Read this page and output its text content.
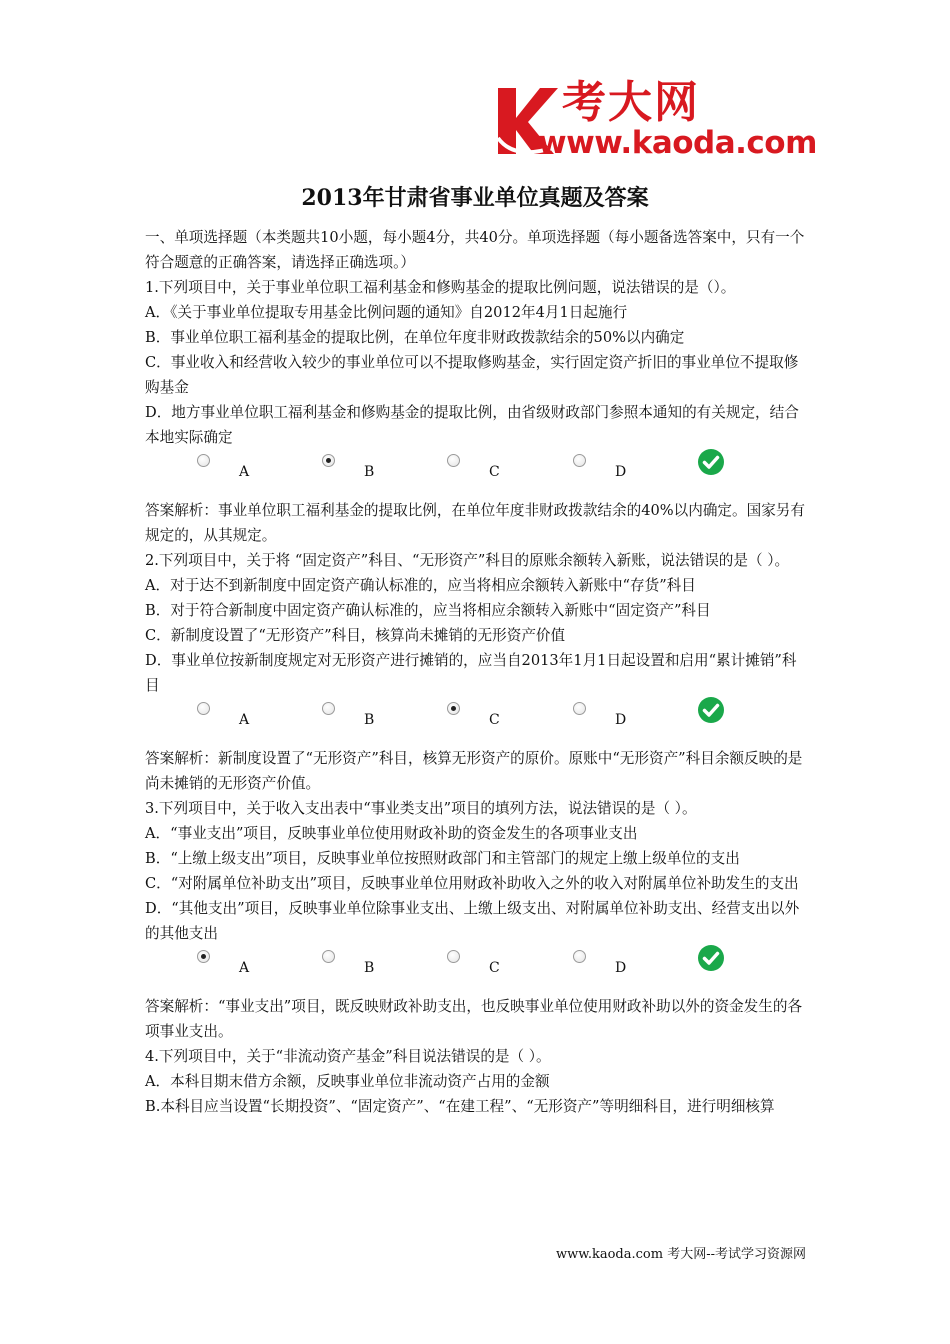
考大网
www.kaoda.com
2013年甘肃省事业单位真题及答案

一、单项选择题（本类题共10小题，每小题4分，共40分。单项选择题（每小题备选答案中，只有一个符合题意的正确答案，请选择正确选项。）

1.下列项目中，关于事业单位职工福利基金和修购基金的提取比例问题，说法错误的是（）。

A．《关于事业单位提取专用基金比例问题的通知》自2012年4月1日起施行

B．事业单位职工福利基金的提取比例，在单位年度非财政拨款结余的50%以内确定

C．事业收入和经营收入较少的事业单位可以不提取修购基金，实行固定资产折旧的事业单位不提取修购基金

D．地方事业单位职工福利基金和修购基金的提取比例，由省级财政部门参照本通知的有关规定，结合本地实际确定

A	B	C	D

答案解析：事业单位职工福利基金的提取比例，在单位年度非财政拨款结余的40%以内确定。国家另有规定的，从其规定。

2.下列项目中，关于将 “固定资产”科目、“无形资产”科目的原账余额转入新账，说法错误的是（ ）。

A．对于达不到新制度中固定资产确认标准的，应当将相应余额转入新账中“存货”科目

B．对于符合新制度中固定资产确认标准的，应当将相应余额转入新账中“固定资产”科目

C．新制度设置了“无形资产”科目，核算尚未摊销的无形资产价值

D．事业单位按新制度规定对无形资产进行摊销的，应当自2013年1月1日起设置和启用“累计摊销”科目

A	B	C	D

答案解析：新制度设置了“无形资产”科目，核算无形资产的原价。原账中“无形资产”科目余额反映的是尚未摊销的无形资产价值。

3.下列项目中，关于收入支出表中“事业类支出”项目的填列方法，说法错误的是（ ）。

A．“事业支出”项目，反映事业单位使用财政补助的资金发生的各项事业支出

B．“上缴上级支出”项目，反映事业单位按照财政部门和主管部门的规定上缴上级单位的支出

C．“对附属单位补助支出”项目，反映事业单位用财政补助收入之外的收入对附属单位补助发生的支出

D．“其他支出”项目，反映事业单位除事业支出、上缴上级支出、对附属单位补助支出、经营支出以外的其他支出

A	B	C	D

答案解析：“事业支出”项目，既反映财政补助支出，也反映事业单位使用财政补助以外的资金发生的各项事业支出。

4.下列项目中，关于“非流动资产基金”科目说法错误的是（ ）。

A．本科目期末借方余额，反映事业单位非流动资产占用的金额

B.本科目应当设置“长期投资”、“固定资产”、“在建工程”、“无形资产”等明细科目，进行明细核算

www.kaoda.com 考大网--考试学习资源网
